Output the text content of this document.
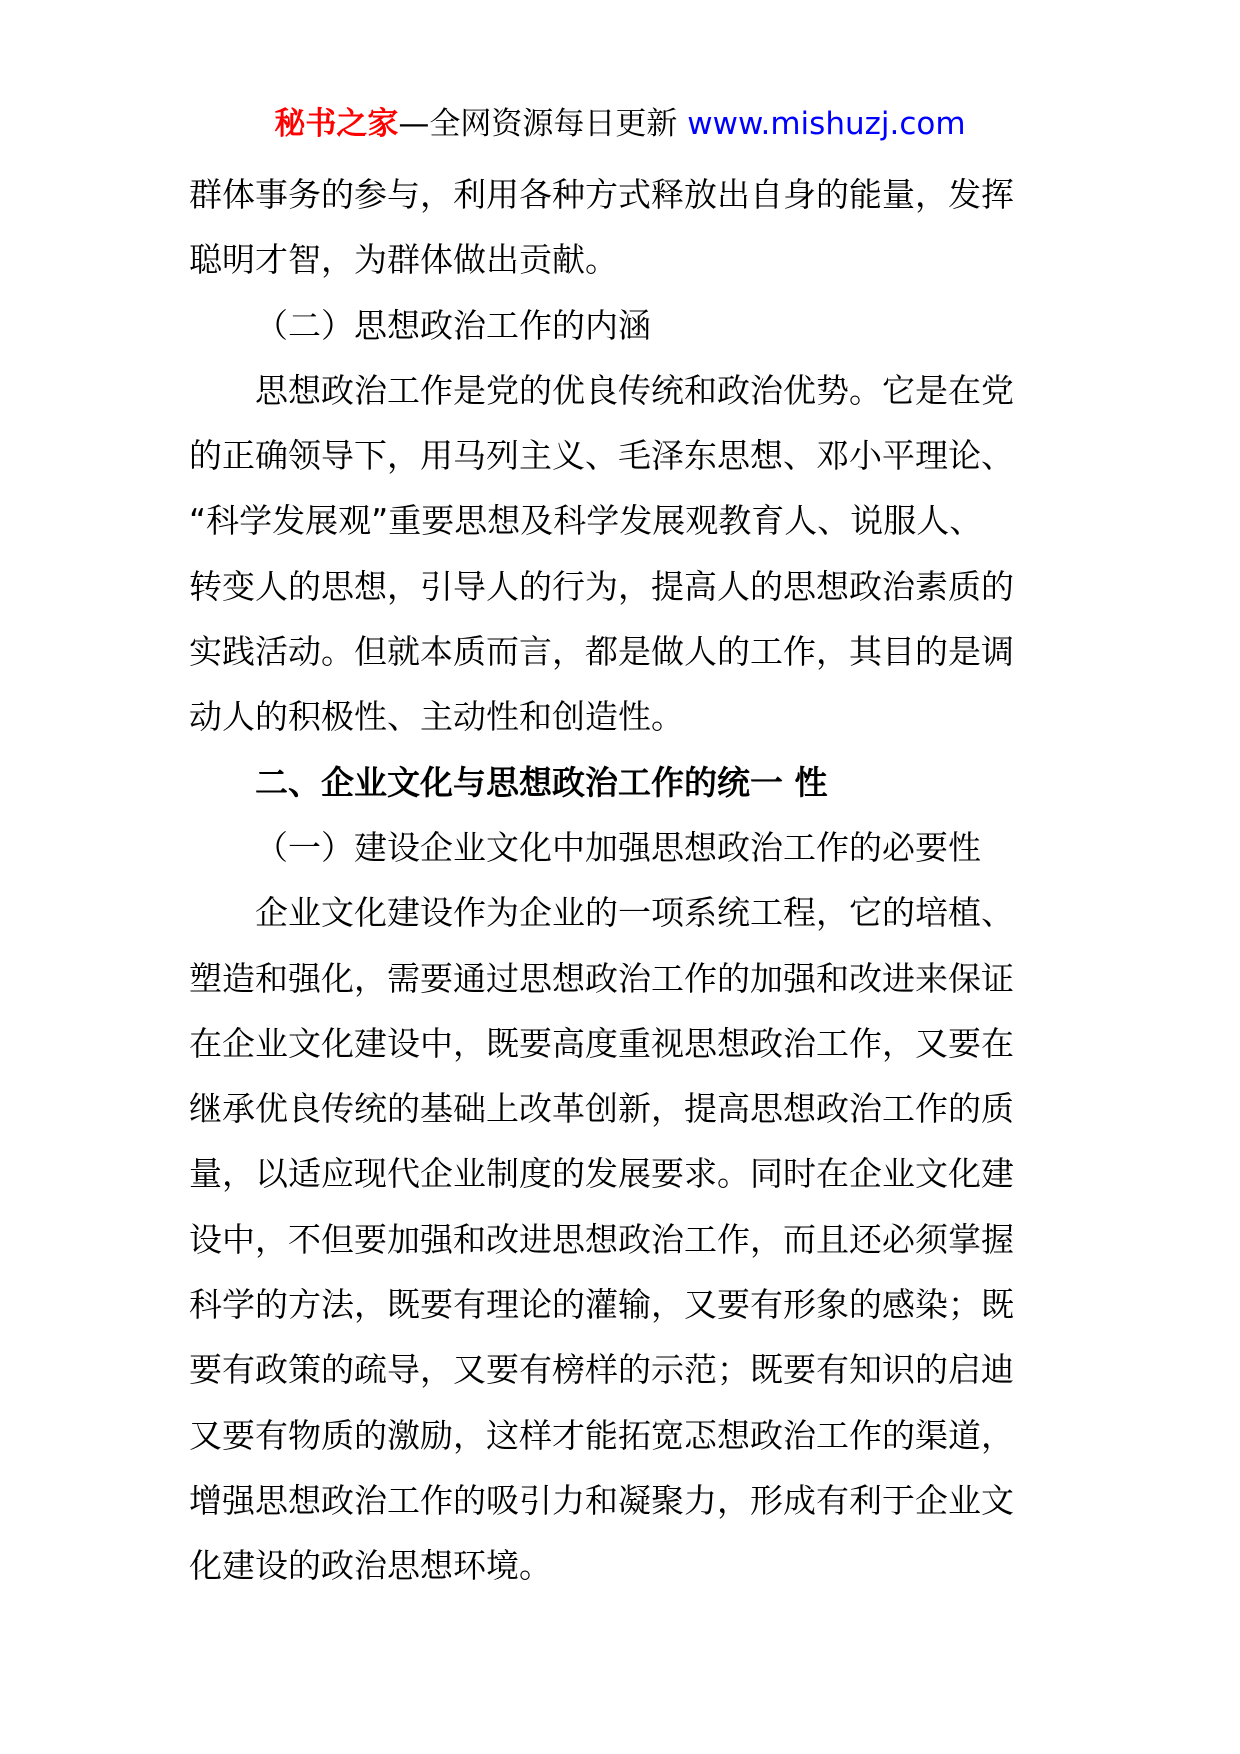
秘书之家—全网资源每日更新 www.mishuzj.com
群体事务的参与，利用各种方式释放出自身的能量，发挥
聪明才智，为群体做出贡献。
（二）思想政治工作的内涵
思想政治工作是党的优良传统和政治优势。它是在党
的正确领导下，用马列主义、毛泽东思想、邓小平理论、
“科学发展观”重要思想及科学发展观教育人、说服人、
转变人的思想，引导人的行为，提高人的思想政治素质的
实践活动。但就本质而言，都是做人的工作，其目的是调
动人的积极性、主动性和创造性。
二、企业文化与思想政治工作的统一 性
（一）建设企业文化中加强思想政治工作的必要性
企业文化建设作为企业的一项系统工程，它的培植、
塑造和强化，需要通过思想政治工作的加强和改进来保证
在企业文化建设中，既要高度重视思想政治工作，又要在
继承优良传统的基础上改革创新，提高思想政治工作的质
量，以适应现代企业制度的发展要求。同时在企业文化建
设中，不但要加强和改进思想政治工作，而且还必须掌握
科学的方法，既要有理论的灌输，又要有形象的感染；既
要有政策的疏导，又要有榜样的示范；既要有知识的启迪
又要有物质的激励，这样才能拓宽忑想政治工作的渠道，
增强思想政治工作的吸引力和凝聚力，形成有利于企业文
化建设的政治思想环境。
